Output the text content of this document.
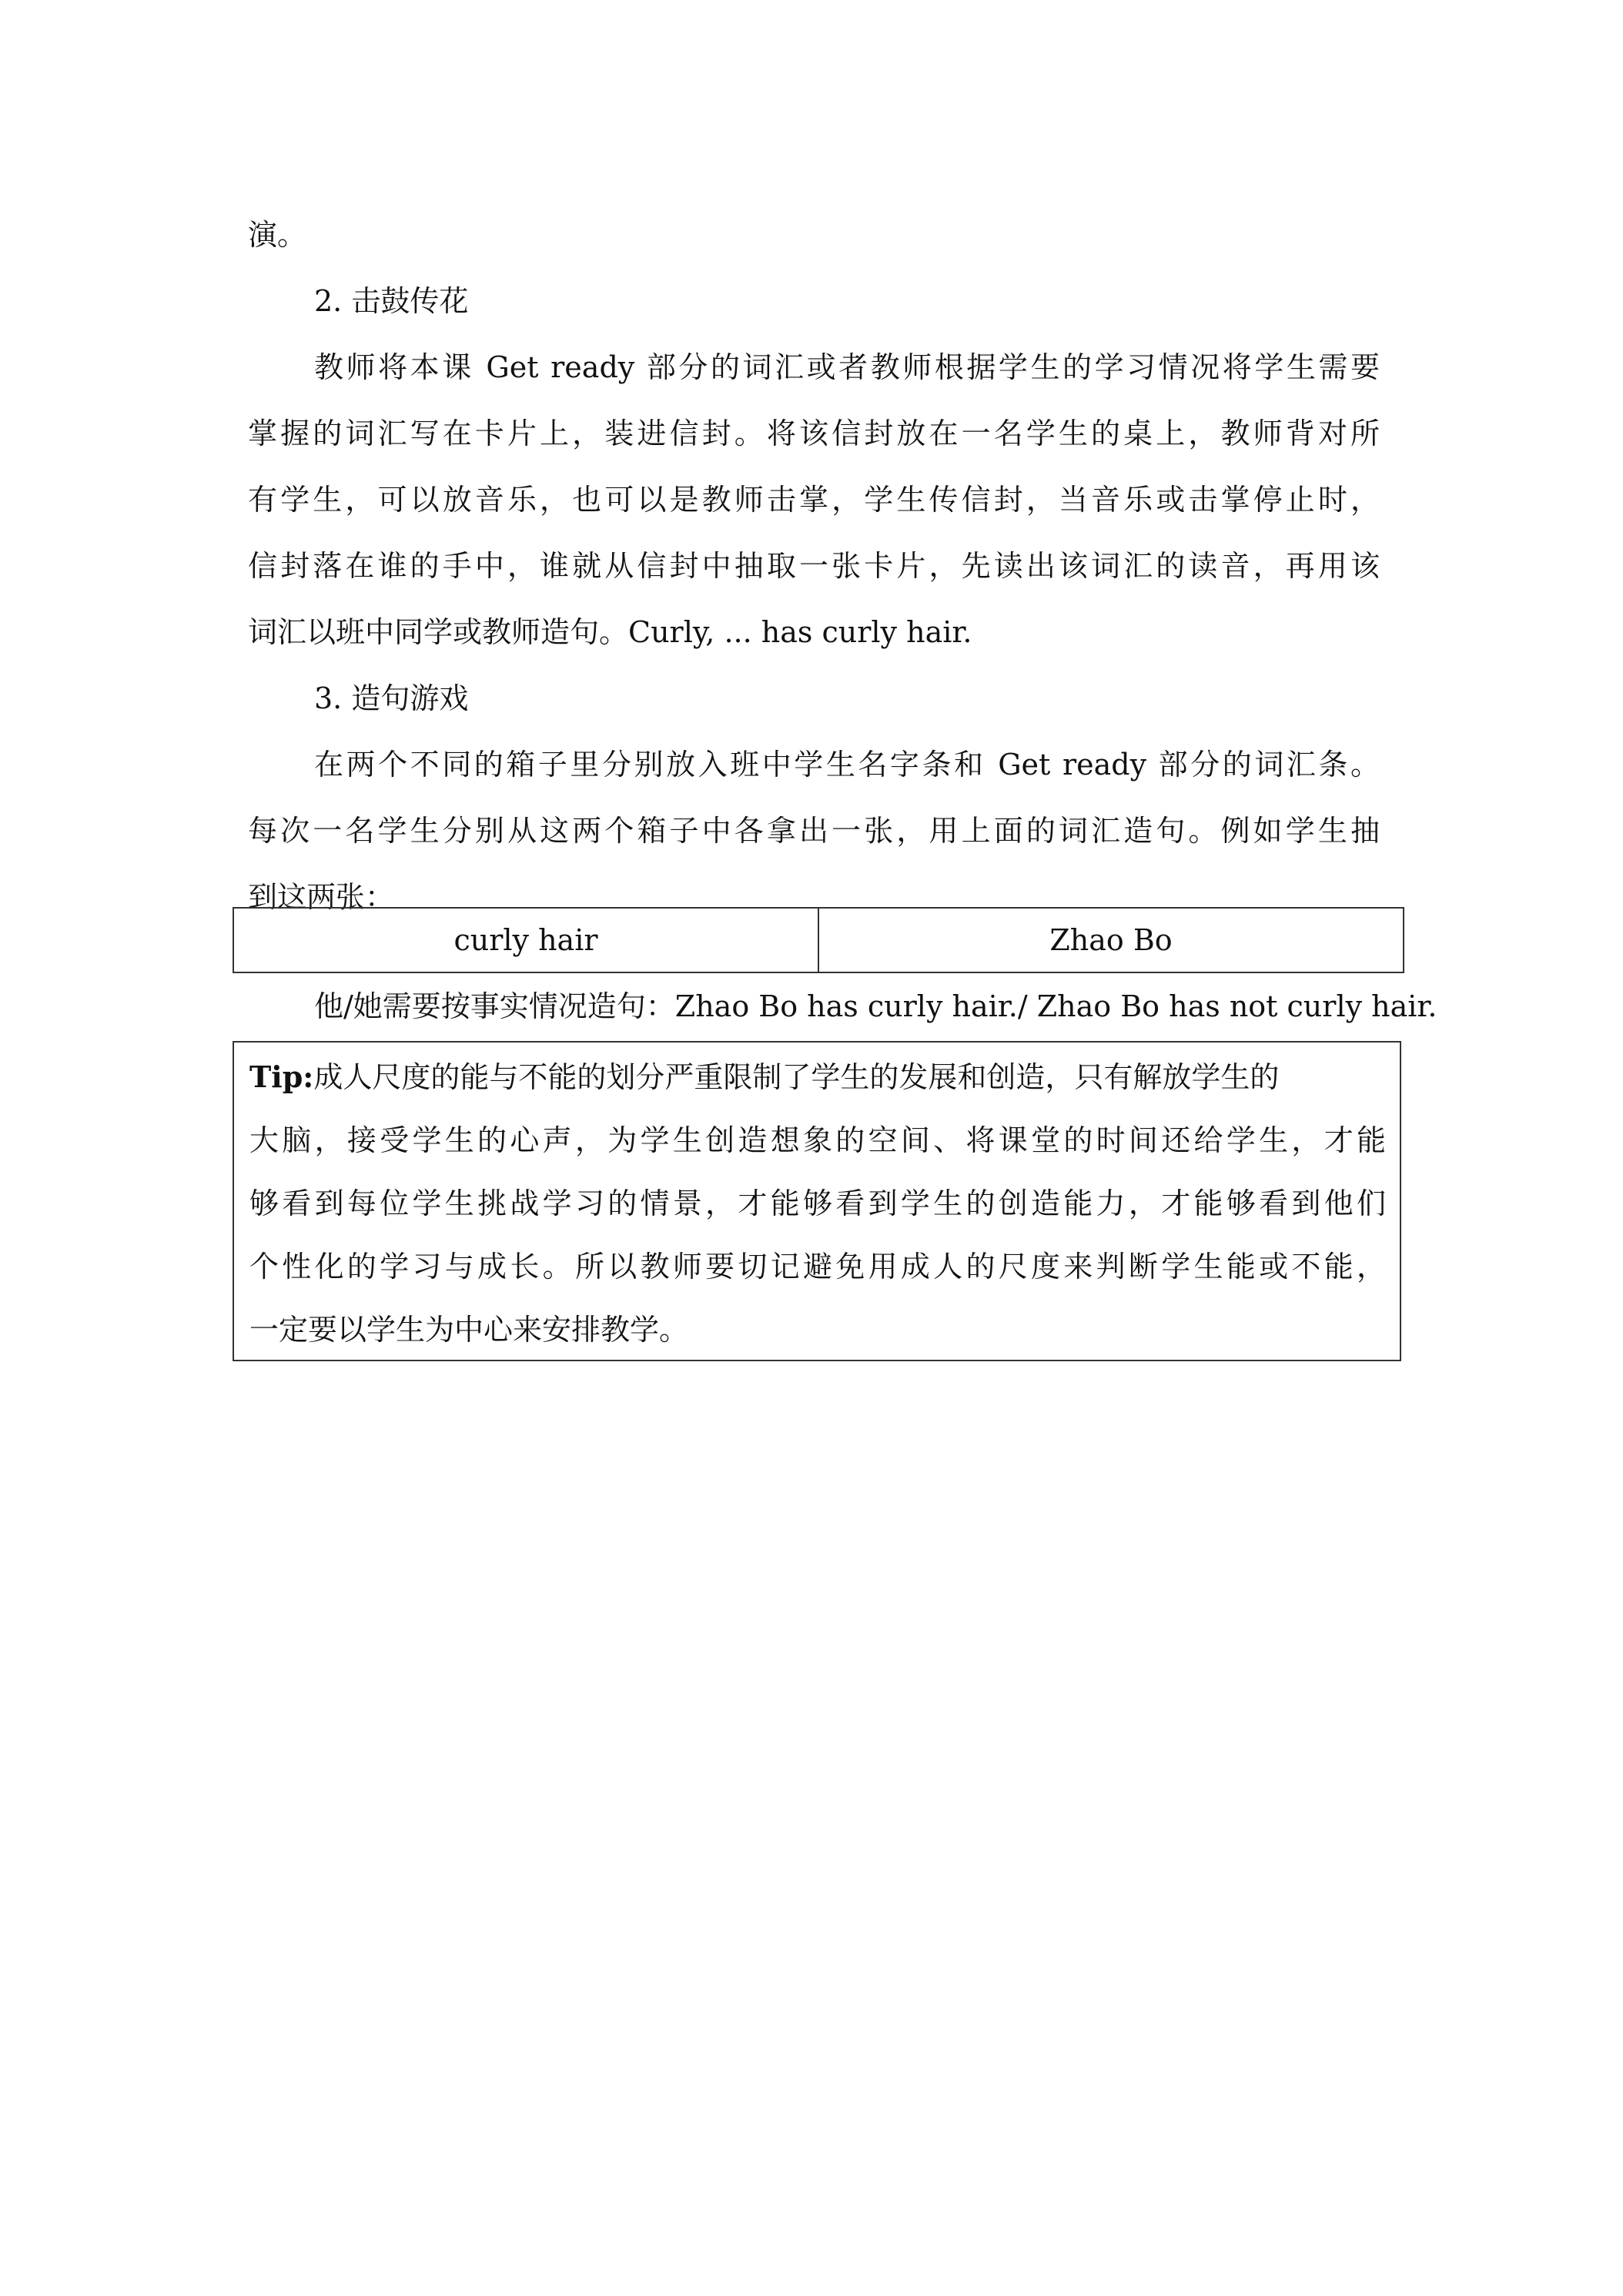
演。
2. 击鼓传花
教师将本课 Get ready 部分的词汇或者教师根据学生的学习情况将学生需要
掌握的词汇写在卡片上，装进信封。将该信封放在一名学生的桌上，教师背对所
有学生，可以放音乐，也可以是教师击掌，学生传信封，当音乐或击掌停止时，
信封落在谁的手中，谁就从信封中抽取一张卡片，先读出该词汇的读音，再用该
词汇以班中同学或教师造句。Curly, ... has curly hair.
3. 造句游戏
在两个不同的箱子里分别放入班中学生名字条和 Get ready 部分的词汇条。
每次一名学生分别从这两个箱子中各拿出一张，用上面的词汇造句。例如学生抽
到这两张：
curly hair	Zhao Bo
他/她需要按事实情况造句：Zhao Bo has curly hair./ Zhao Bo has not curly hair.
Tip:成人尺度的能与不能的划分严重限制了学生的发展和创造，只有解放学生的
大脑，接受学生的心声，为学生创造想象的空间、将课堂的时间还给学生，才能
够看到每位学生挑战学习的情景，才能够看到学生的创造能力，才能够看到他们
个性化的学习与成长。所以教师要切记避免用成人的尺度来判断学生能或不能，
一定要以学生为中心来安排教学。
